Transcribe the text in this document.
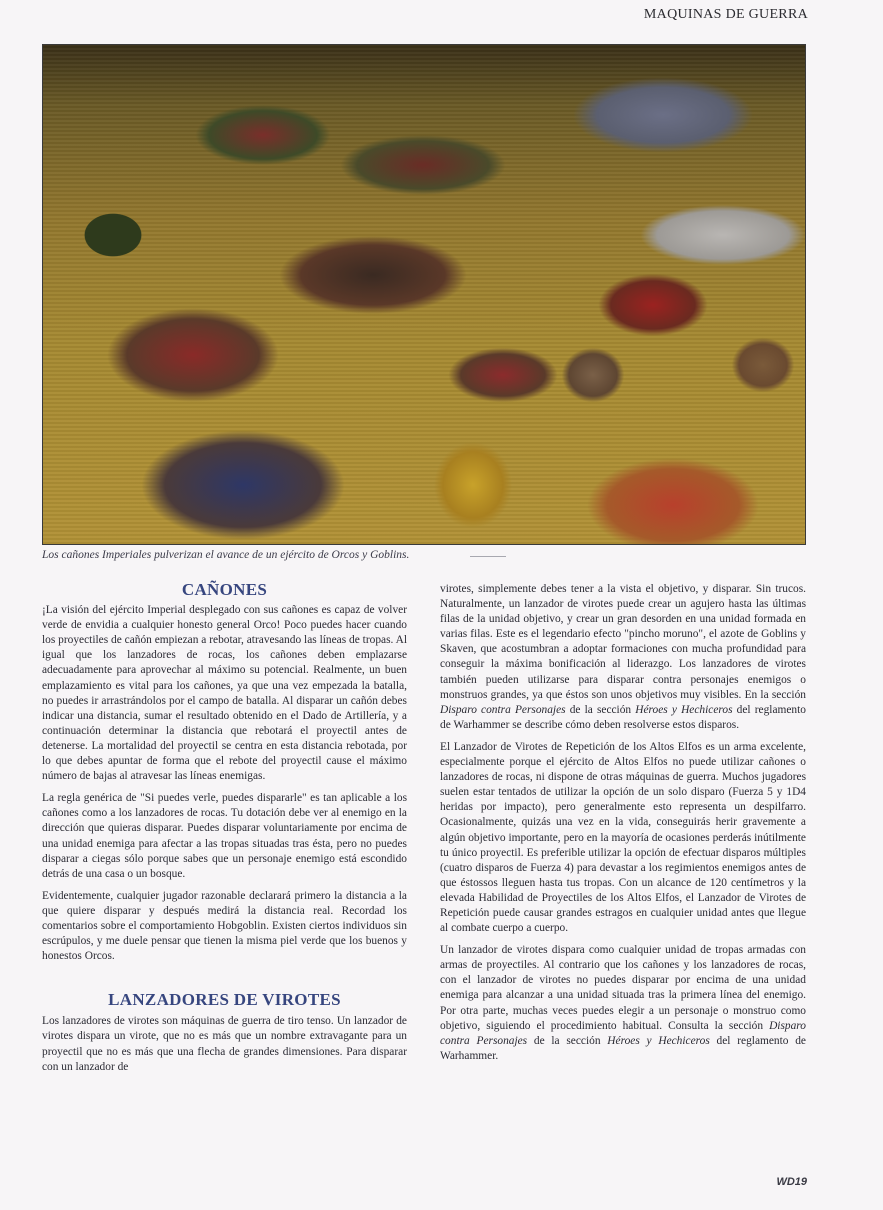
MAQUINAS DE GUERRA
Los cañones Imperiales pulverizan el avance de un ejército de Orcos y Goblins.
CAÑONES

¡La visión del ejército Imperial desplegado con sus cañones es capaz de volver verde de envidia a cualquier honesto general Orco! Poco puedes hacer cuando los proyectiles de cañón empiezan a rebotar, atravesando las líneas de tropas. Al igual que los lanzadores de rocas, los cañones deben emplazarse adecuadamente para aprovechar al máximo su potencial. Realmente, un buen emplazamiento es vital para los cañones, ya que una vez empezada la batalla, no puedes ir arrastrándolos por el campo de batalla. Al disparar un cañón debes indicar una distancia, sumar el resultado obtenido en el Dado de Artillería, y a continuación determinar la distancia que rebotará el proyectil antes de detenerse. La mortalidad del proyectil se centra en esta distancia rebotada, por lo que debes apuntar de forma que el rebote del proyectil cause el máximo número de bajas al atravesar las líneas enemigas.

La regla genérica de "Si puedes verle, puedes dispararle" es tan aplicable a los cañones como a los lanzadores de rocas. Tu dotación debe ver al enemigo en la dirección que quieras disparar. Puedes disparar voluntariamente por encima de una unidad enemiga para afectar a las tropas situadas tras ésta, pero no puedes disparar a ciegas sólo porque sabes que un personaje enemigo está escondido detrás de una casa o un bosque.

Evidentemente, cualquier jugador razonable declarará primero la distancia a la que quiere disparar y después medirá la distancia real. Recordad los comentarios sobre el comportamiento Hobgoblin. Existen ciertos individuos sin escrúpulos, y me duele pensar que tienen la misma piel verde que los buenos y honestos Orcos.

LANZADORES DE VIROTES

Los lanzadores de virotes son máquinas de guerra de tiro tenso. Un lanzador de virotes dispara un virote, que no es más que un nombre extravagante para un proyectil que no es más que una flecha de grandes dimensiones. Para disparar con un lanzador de

virotes, simplemente debes tener a la vista el objetivo, y disparar. Sin trucos. Naturalmente, un lanzador de virotes puede crear un agujero hasta las últimas filas de la unidad objetivo, y crear un gran desorden en una unidad formada en varias filas. Este es el legendario efecto "pincho moruno", el azote de Goblins y Skaven, que acostumbran a adoptar formaciones con mucha profundidad para conseguir la máxima bonificación al liderazgo. Los lanzadores de virotes también pueden utilizarse para disparar contra personajes enemigos o monstruos grandes, ya que éstos son unos objetivos muy visibles. En la sección Disparo contra Personajes de la sección Héroes y Hechiceros del reglamento de Warhammer se describe cómo deben resolverse estos disparos.

El Lanzador de Virotes de Repetición de los Altos Elfos es un arma excelente, especialmente porque el ejército de Altos Elfos no puede utilizar cañones o lanzadores de rocas, ni dispone de otras máquinas de guerra. Muchos jugadores suelen estar tentados de utilizar la opción de un solo disparo (Fuerza 5 y 1D4 heridas por impacto), pero generalmente esto representa un despilfarro. Ocasionalmente, quizás una vez en la vida, conseguirás herir gravemente a algún objetivo importante, pero en la mayoría de ocasiones perderás inútilmente tu único proyectil. Es preferible utilizar la opción de efectuar disparos múltiples (cuatro disparos de Fuerza 4) para devastar a los regimientos enemigos antes de que éstossos lleguen hasta tus tropas. Con un alcance de 120 centímetros y la elevada Habilidad de Proyectiles de los Altos Elfos, el Lanzador de Virotes de Repetición puede causar grandes estragos en cualquier unidad antes que llegue al combate cuerpo a cuerpo.

Un lanzador de virotes dispara como cualquier unidad de tropas armadas con armas de proyectiles. Al contrario que los cañones y los lanzadores de rocas, con el lanzador de virotes no puedes disparar por encima de una unidad enemiga para alcanzar a una unidad situada tras la primera línea del enemigo. Por otra parte, muchas veces puedes elegir a un personaje o monstruo como objetivo, siguiendo el procedimiento habitual. Consulta la sección Disparo contra Personajes de la sección Héroes y Hechiceros del reglamento de Warhammer.

WD19
